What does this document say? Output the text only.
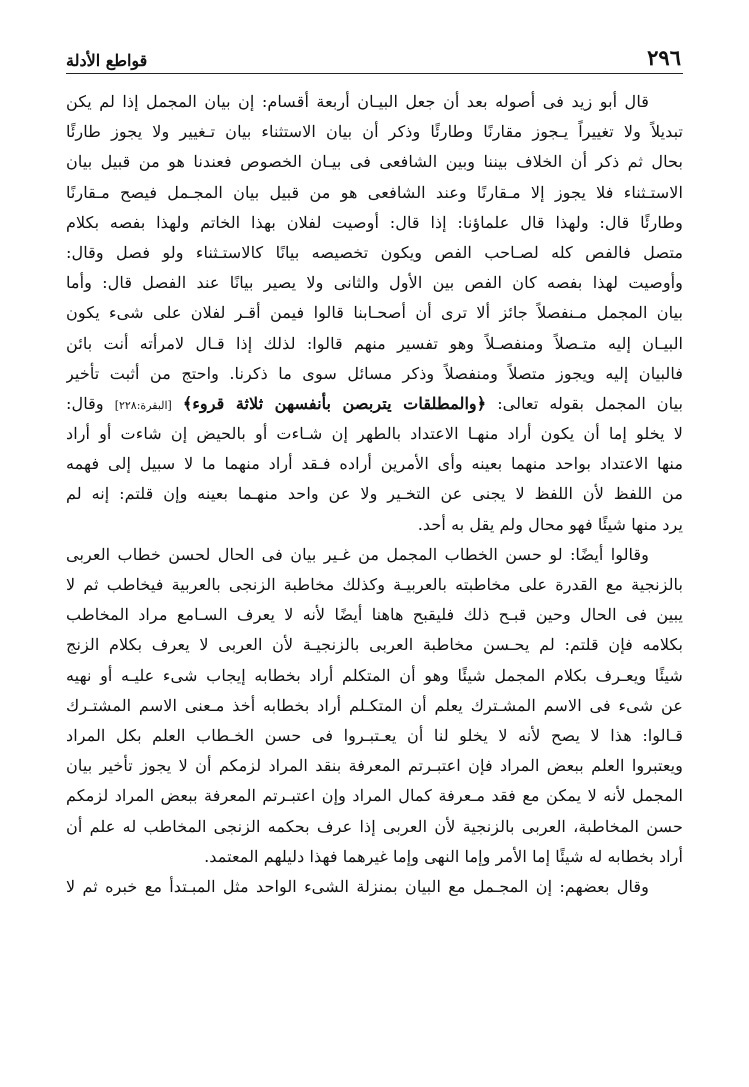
٢٩٦
قواطع الأدلة
قال أبو زيد فى أصوله بعد أن جعل البيـان أربعة أقسام: إن بيان المجمل إذا لم يكن
تبديلاً ولا تغييراً يـجوز مقارنًا وطارئًا وذكر أن بيان الاستثناء بيان تـغيير ولا يجوز طارئًا
بحال ثم ذكر أن الخلاف بيننا وبين الشافعى فى بيـان الخصوص فعندنا هو من قبيل بيان
الاستـثناء فلا يجوز إلا مـقارنًا وعند الشافعى هو من قبيل بيان المجـمل فيصح مـقارنًا
وطارئًا قال: ولهذا قال علماؤنا: إذا قال: أوصيت لفلان بهذا الخاتم ولهذا بفصه بكلام
متصل فالفص كله لصـاحب الفص ويكون تخصيصه بيانًا كالاستـثناء ولو فصل وقال:
وأوصيت لهذا بفصه كان الفص بين الأول والثانى ولا يصير بيانًا عند الفصل قال: وأما
بيان المجمل مـنفصلاً جائز ألا ترى أن أصحـابنا قالوا فيمن أقـر لفلان على شىء يكون
البيـان إليه متـصلاً ومنفصـلاً وهو تفسير منهم قالوا: لذلك إذا قـال لامرأته أنت بائن
فالبيان إليه ويجوز متصلاً ومنفصلاً وذكر مسائل سوى ما ذكرنا. واحتج من أثبت تأخير
بيان المجمل بقوله تعالى: ﴿والمطلقات يتربصن بأنفسهن ثلاثة قروء﴾ [البقرة:٢٢٨] وقال:
لا يخلو إما أن يكون أراد منهـا الاعتداد بالطهر إن شـاءت أو بالحيض إن شاءت أو أراد
منها الاعتداد بواحد منهما بعينه وأى الأمرين أراده فـقد أراد منهما ما لا سبيل إلى فهمه
من اللفظ لأن اللفظ لا يجنى عن التخـير ولا عن واحد منهـما بعينه وإن قلتم: إنه لم
يرد منها شيئًا فهو محال ولم يقل به أحد.
وقالوا أيضًا: لو حسن الخطاب المجمل من غـير بيان فى الحال لحسن خطاب العربى
بالزنجية مع القدرة على مخاطبته بالعربيـة وكذلك مخاطبة الزنجى بالعربية فيخاطب ثم لا
يبين فى الحال وحين قبـح ذلك فليقبح هاهنا أيضًا لأنه لا يعرف السـامع مراد المخاطب
بكلامه فإن قلتم: لم يحـسن مخاطبة العربى بالزنجيـة لأن العربى لا يعرف بكلام الزنج
شيئًا ويعـرف بكلام المجمل شيئًا وهو أن المتكلم أراد بخطابه إيجاب شىء عليـه أو نهيه
عن شىء فى الاسم المشـترك يعلم أن المتكـلم أراد بخطابه أخذ مـعنى الاسم المشتـرك
قـالوا: هذا لا يصح لأنه لا يخلو لنا أن يعـتبـروا فى حسن الخـطاب العلم بكل المراد
ويعتبروا العلم ببعض المراد فإن اعتبـرتم المعرفة بنقد المراد لزمكم أن لا يجوز تأخير بيان
المجمل لأنه لا يمكن مع فقد مـعرفة كمال المراد وإن اعتبـرتم المعرفة ببعض المراد لزمكم
حسن المخاطبة، العربى بالزنجية لأن العربى إذا عرف بحكمه الزنجى المخاطب له علم أن
أراد بخطابه له شيئًا إما الأمر وإما النهى وإما غيرهما فهذا دليلهم المعتمد.
وقال بعضهم: إن المجـمل مع البيان بمنزلة الشىء الواحد مثل المبـتدأ مع خبره ثم لا
